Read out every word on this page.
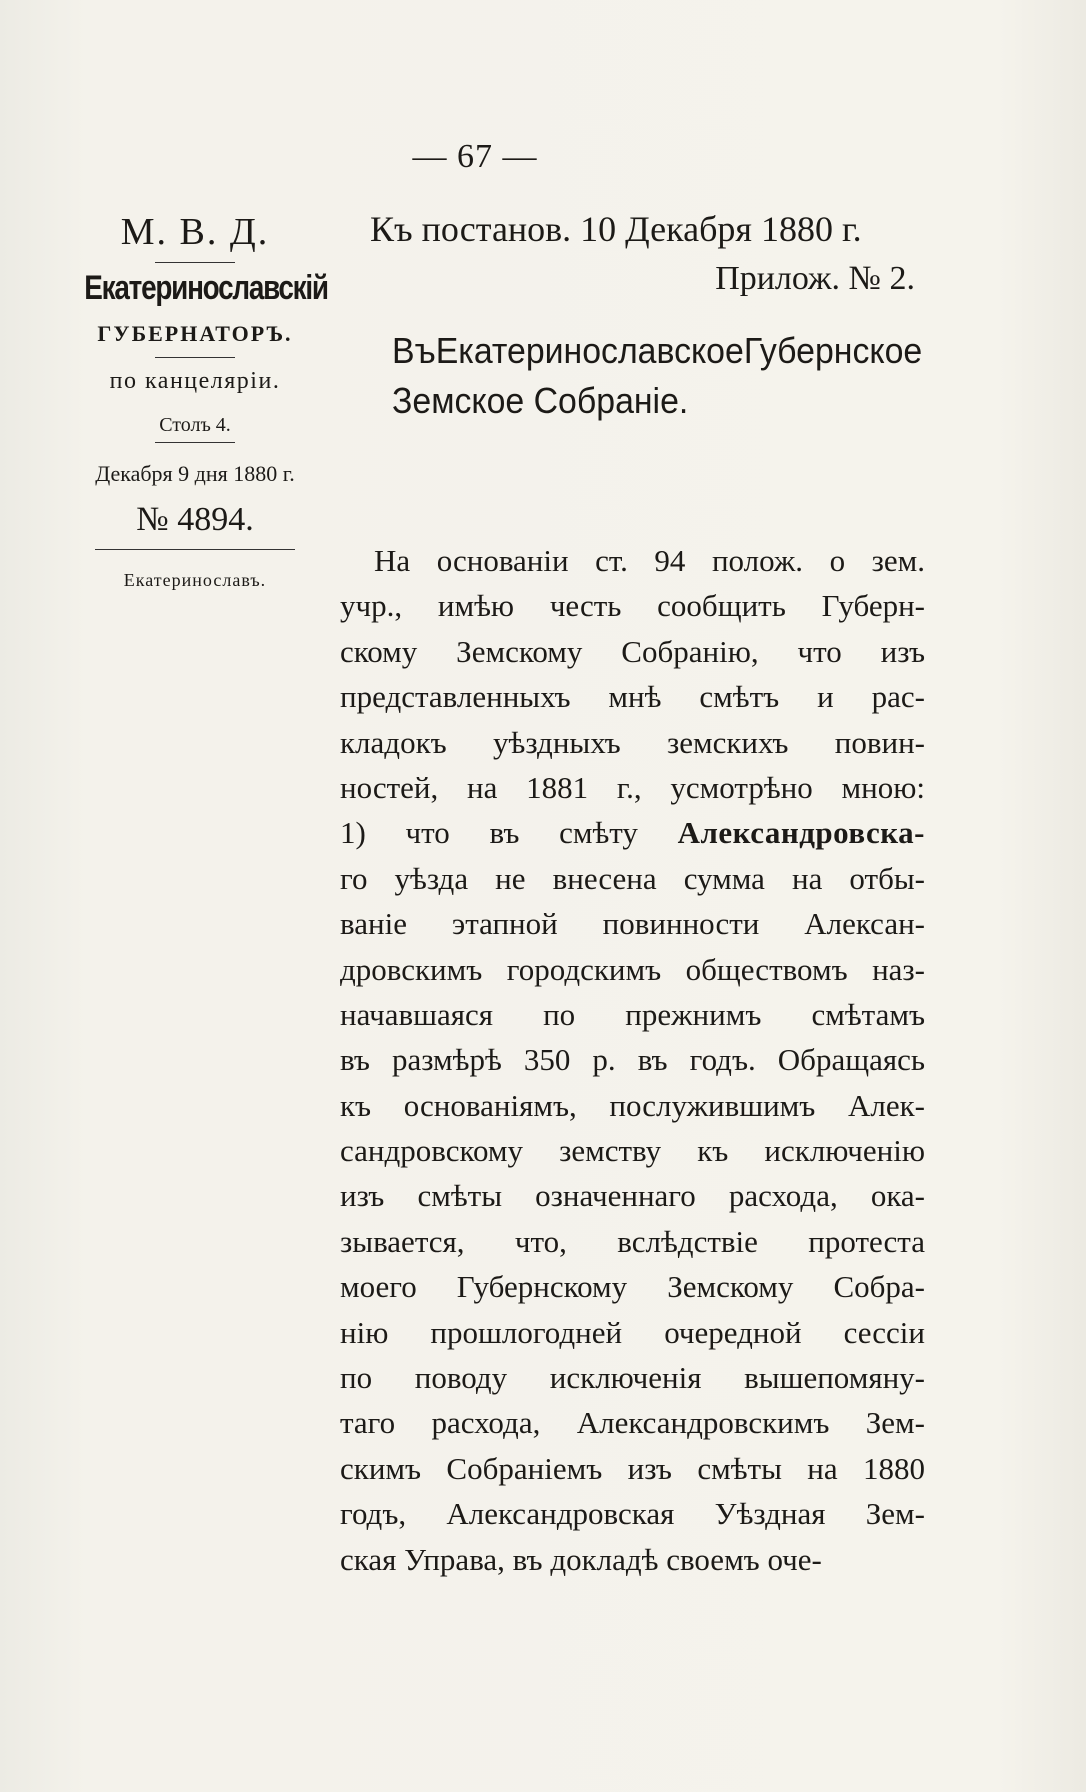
— 67 —
М. В. Д.
Екатеринославскій
ГУБЕРНАТОРЪ.
по канцеляріи.
Столъ 4.
Декабря 9 дня 1880 г.
№ 4894.
Екатеринославъ.
Къ постанов. 10 Декабря 1880 г.
Прилож. № 2.
Въ Екатеринославское Губернское
Земское Собраніе.
На основаніи ст. 94 полож. о зем.
учр., имѣю честь сообщить Губерн-
скому Земскому Собранію, что изъ
представленныхъ мнѣ смѣтъ и рас-
кладокъ уѣздныхъ земскихъ повин-
ностей, на 1881 г., усмотрѣно мною:
1) что въ смѣту Александровска-
го уѣзда не внесена сумма на отбы-
ваніе этапной повинности Алексан-
дровскимъ городскимъ обществомъ наз-
начавшаяся по прежнимъ смѣтамъ
въ размѣрѣ 350 р. въ годъ. Обращаясь
къ основаніямъ, послужившимъ Алек-
сандровскому земству къ исключенію
изъ смѣты означеннаго расхода, ока-
зывается, что, вслѣдствіе протеста
моего Губернскому Земскому Собра-
нію прошлогодней очередной сессіи
по поводу исключенія вышепомяну-
таго расхода, Александровскимъ Зем-
скимъ Собраніемъ изъ смѣты на 1880
годъ, Александровская Уѣздная Зем-
ская Управа, въ докладѣ своемъ оче-
